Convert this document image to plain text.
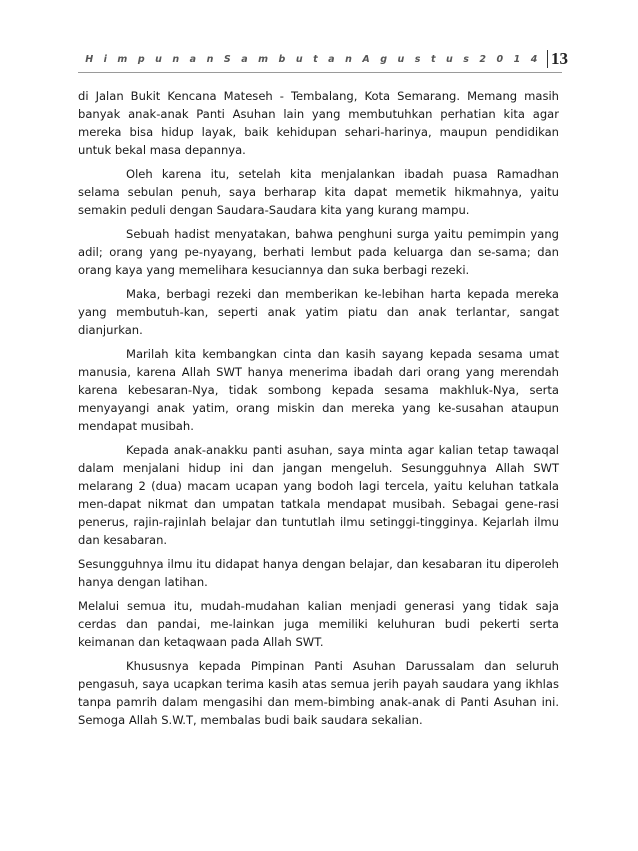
H i m p u n a n S a m b u t a n A g u s t u s 2 0 1 4 13

di Jalan Bukit Kencana Mateseh - Tembalang, Kota Semarang. Memang masih banyak anak-anak Panti Asuhan lain yang membutuhkan perhatian kita agar mereka bisa hidup layak, baik kehidupan sehari-harinya, maupun pendidikan untuk bekal masa depannya.

Oleh karena itu, setelah kita menjalankan ibadah puasa Ramadhan selama sebulan penuh, saya berharap kita dapat memetik hikmahnya, yaitu semakin peduli dengan Saudara-Saudara kita yang kurang mampu.

Sebuah hadist menyatakan, bahwa penghuni surga yaitu pemimpin yang adil; orang yang pe-nyayang, berhati lembut pada keluarga dan se-sama; dan orang kaya yang memelihara kesuciannya dan suka berbagi rezeki.

Maka, berbagi rezeki dan memberikan ke-lebihan harta kepada mereka yang membutuh-kan, seperti anak yatim piatu dan anak terlantar, sangat dianjurkan.

Marilah kita kembangkan cinta dan kasih sayang kepada sesama umat manusia, karena Allah SWT hanya menerima ibadah dari orang yang merendah karena kebesaran-Nya, tidak sombong kepada sesama makhluk-Nya, serta menyayangi anak yatim, orang miskin dan mereka yang ke-susahan ataupun mendapat musibah.

Kepada anak-anakku panti asuhan, saya minta agar kalian tetap tawaqal dalam menjalani hidup ini dan jangan mengeluh. Sesungguhnya Allah SWT melarang 2 (dua) macam ucapan yang bodoh lagi tercela, yaitu keluhan tatkala men-dapat nikmat dan umpatan tatkala mendapat musibah. Sebagai gene-rasi penerus, rajin-rajinlah belajar dan tuntutlah ilmu setinggi-tingginya. Kejarlah ilmu dan kesabaran.

Sesungguhnya ilmu itu didapat hanya dengan belajar, dan kesabaran itu diperoleh hanya dengan latihan.

Melalui semua itu, mudah-mudahan kalian menjadi generasi yang tidak saja cerdas dan pandai, me-lainkan juga memiliki keluhuran budi pekerti serta keimanan dan ketaqwaan pada Allah SWT.

Khususnya kepada Pimpinan Panti Asuhan Darussalam dan seluruh pengasuh, saya ucapkan terima kasih atas semua jerih payah saudara yang ikhlas tanpa pamrih dalam mengasihi dan mem-bimbing anak-anak di Panti Asuhan ini. Semoga Allah S.W.T, membalas budi baik saudara sekalian.
